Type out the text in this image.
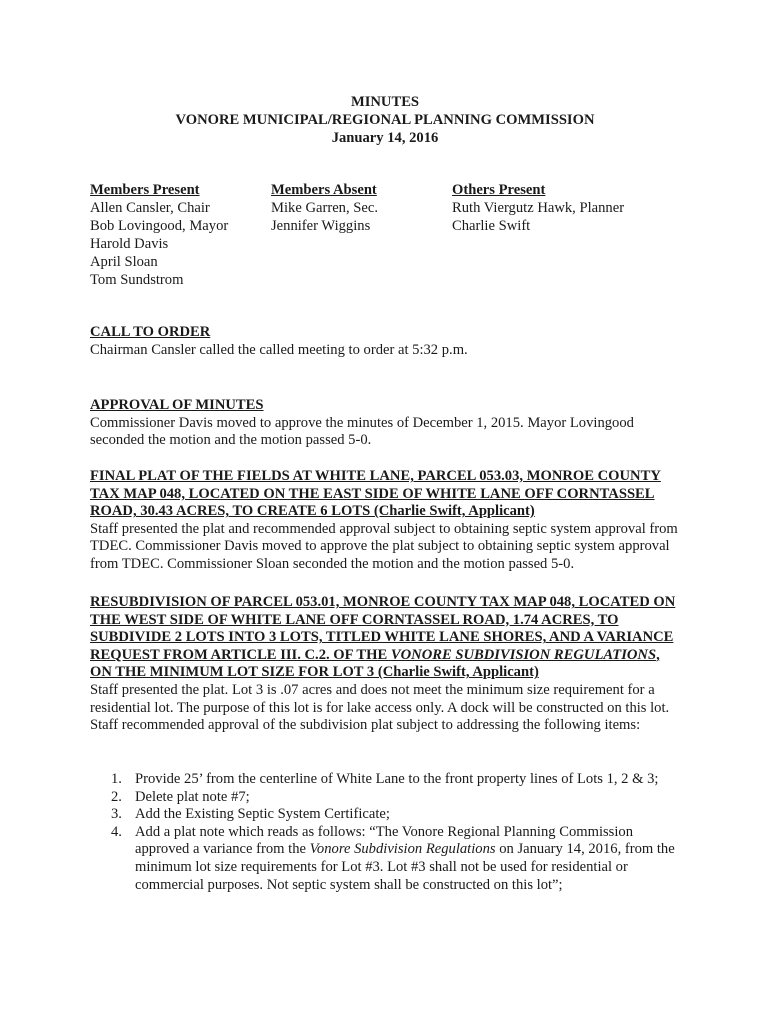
MINUTES
VONORE MUNICIPAL/REGIONAL PLANNING COMMISSION
January 14, 2016
Members Present
Allen Cansler, Chair
Bob Lovingood, Mayor
Harold Davis
April Sloan
Tom Sundstrom
Members Absent
Mike Garren, Sec.
Jennifer Wiggins
Others Present
Ruth Viergutz Hawk, Planner
Charlie Swift
CALL TO ORDER

Chairman Cansler called the called meeting to order at 5:32 p.m.

APPROVAL OF MINUTES

Commissioner Davis moved to approve the minutes of December 1, 2015. Mayor Lovingood seconded the motion and the motion passed 5-0.

FINAL PLAT OF THE FIELDS AT WHITE LANE, PARCEL 053.03, MONROE COUNTY TAX MAP 048, LOCATED ON THE EAST SIDE OF WHITE LANE OFF CORNTASSEL ROAD, 30.43 ACRES, TO CREATE 6 LOTS (Charlie Swift, Applicant)

Staff presented the plat and recommended approval subject to obtaining septic system approval from TDEC. Commissioner Davis moved to approve the plat subject to obtaining septic system approval from TDEC. Commissioner Sloan seconded the motion and the motion passed 5-0.

RESUBDIVISION OF PARCEL 053.01, MONROE COUNTY TAX MAP 048, LOCATED ON THE WEST SIDE OF WHITE LANE OFF CORNTASSEL ROAD, 1.74 ACRES, TO SUBDIVIDE 2 LOTS INTO 3 LOTS, TITLED WHITE LANE SHORES, AND A VARIANCE REQUEST FROM ARTICLE III. C.2. OF THE VONORE SUBDIVISION REGULATIONS, ON THE MINIMUM LOT SIZE FOR LOT 3 (Charlie Swift, Applicant)

Staff presented the plat. Lot 3 is .07 acres and does not meet the minimum size requirement for a residential lot. The purpose of this lot is for lake access only. A dock will be constructed on this lot. Staff recommended approval of the subdivision plat subject to addressing the following items:

1. Provide 25’ from the centerline of White Lane to the front property lines of Lots 1, 2 & 3;
2. Delete plat note #7;
3. Add the Existing Septic System Certificate;
4. Add a plat note which reads as follows: “The Vonore Regional Planning Commission approved a variance from the Vonore Subdivision Regulations on January 14, 2016, from the minimum lot size requirements for Lot #3. Lot #3 shall not be used for residential or commercial purposes. Not septic system shall be constructed on this lot”;
